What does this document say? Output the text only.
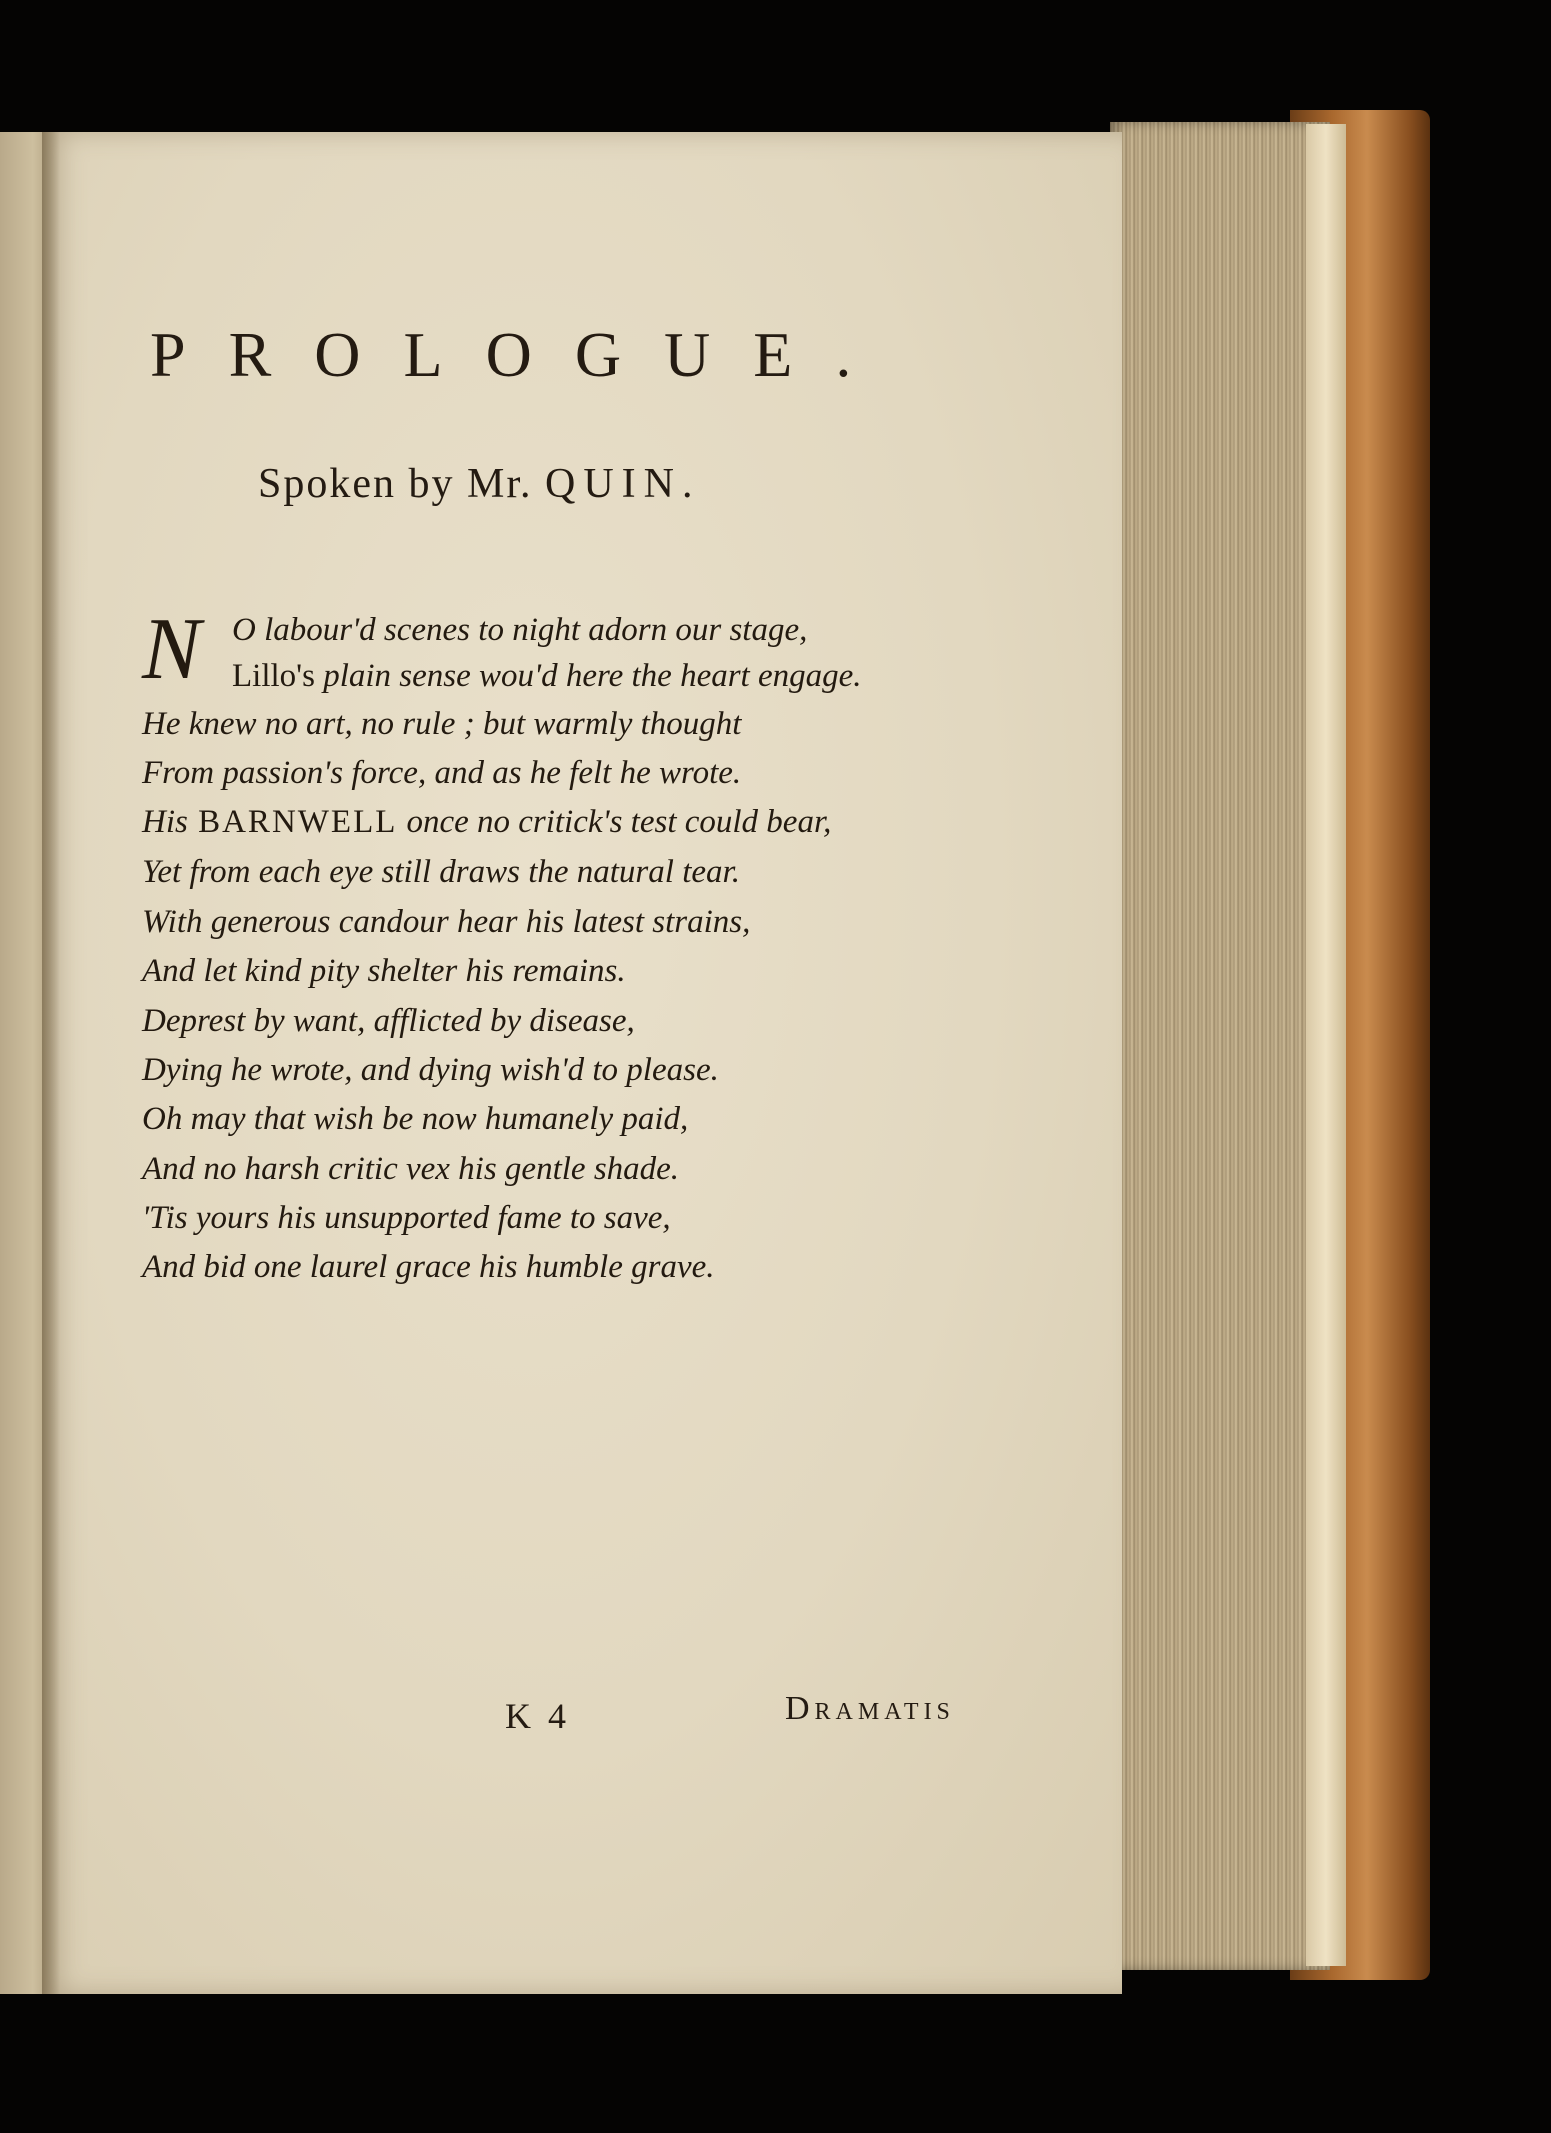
PROLOGUE.
Spoken by Mr. QUIN.
N O labour'd scenes to night adorn our stage,
Lillo's plain sense wou'd here the heart engage.
He knew no art, no rule ; but warmly thought
From passion's force, and as he felt he wrote.
His BARNWELL once no critick's test could bear,
Yet from each eye still draws the natural tear.
With generous candour hear his latest strains,
And let kind pity shelter his remains.
Deprest by want, afflicted by disease,
Dying he wrote, and dying wish'd to please.
Oh may that wish be now humanely paid,
And no harsh critic vex his gentle shade.
'Tis yours his unsupported fame to save,
And bid one laurel grace his humble grave.
K 4	Dramatis
